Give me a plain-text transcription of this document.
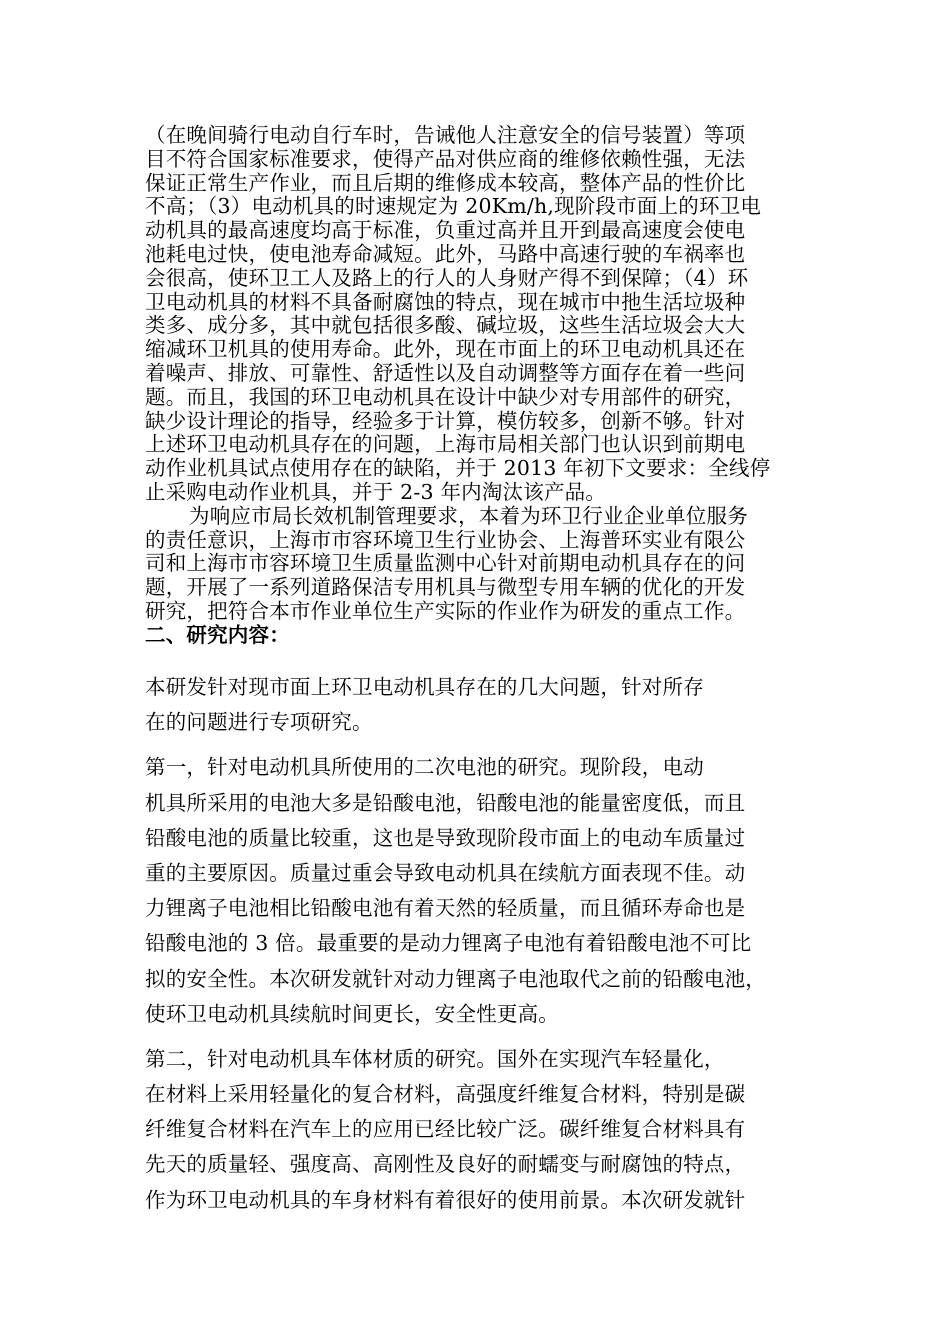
（在晚间骑行电动自行车时，告诫他人注意安全的信号装置）等项
目不符合国家标准要求，使得产品对供应商的维修依赖性强，无法
保证正常生产作业，而且后期的维修成本较高，整体产品的性价比
不高；（3）电动机具的时速规定为 20Km/h,现阶段市面上的环卫电
动机具的最高速度均高于标准，负重过高并且开到最高速度会使电
池耗电过快，使电池寿命减短。此外，马路中高速行驶的车祸率也
会很高，使环卫工人及路上的行人的人身财产得不到保障；（4）环
卫电动机具的材料不具备耐腐蚀的特点，现在城市中扡生活垃圾种
类多、成分多，其中就包括很多酸、碱垃圾，这些生活垃圾会大大
缩减环卫机具的使用寿命。此外，现在市面上的环卫电动机具还在
着噪声、排放、可靠性、舒适性以及自动调整等方面存在着一些问
题。而且，我国的环卫电动机具在设计中缺少对专用部件的研究，
缺少设计理论的指导，经验多于计算，模仿较多，创新不够。针对
上述环卫电动机具存在的问题，上海市局相关部门也认识到前期电
动作业机具试点使用存在的缺陷，并于 2013 年初下文要求：全线停
止采购电动作业机具，并于 2-3 年内淘汰该产品。
为响应市局长效机制管理要求，本着为环卫行业企业单位服务
的责任意识，上海市市容环境卫生行业协会、上海普环实业有限公
司和上海市市容环境卫生质量监测中心针对前期电动机具存在的问
题，开展了一系列道路保洁专用机具与微型专用车辆的优化的开发
研究，把符合本市作业单位生产实际的作业作为研发的重点工作。
二、研究内容：
本研发针对现市面上环卫电动机具存在的几大问题，针对所存
在的问题进行专项研究。
第一，针对电动机具所使用的二次电池的研究。现阶段，电动
机具所采用的电池大多是铅酸电池，铅酸电池的能量密度低，而且
铅酸电池的质量比较重，这也是导致现阶段市面上的电动车质量过
重的主要原因。质量过重会导致电动机具在续航方面表现不佳。动
力锂离子电池相比铅酸电池有着天然的轻质量，而且循环寿命也是
铅酸电池的 3 倍。最重要的是动力锂离子电池有着铅酸电池不可比
拟的安全性。本次研发就针对动力锂离子电池取代之前的铅酸电池，
使环卫电动机具续航时间更长，安全性更高。
第二，针对电动机具车体材质的研究。国外在实现汽车轻量化，
在材料上采用轻量化的复合材料，高强度纤维复合材料，特别是碳
纤维复合材料在汽车上的应用已经比较广泛。碳纤维复合材料具有
先天的质量轻、强度高、高刚性及良好的耐蠕变与耐腐蚀的特点，
作为环卫电动机具的车身材料有着很好的使用前景。本次研发就针
